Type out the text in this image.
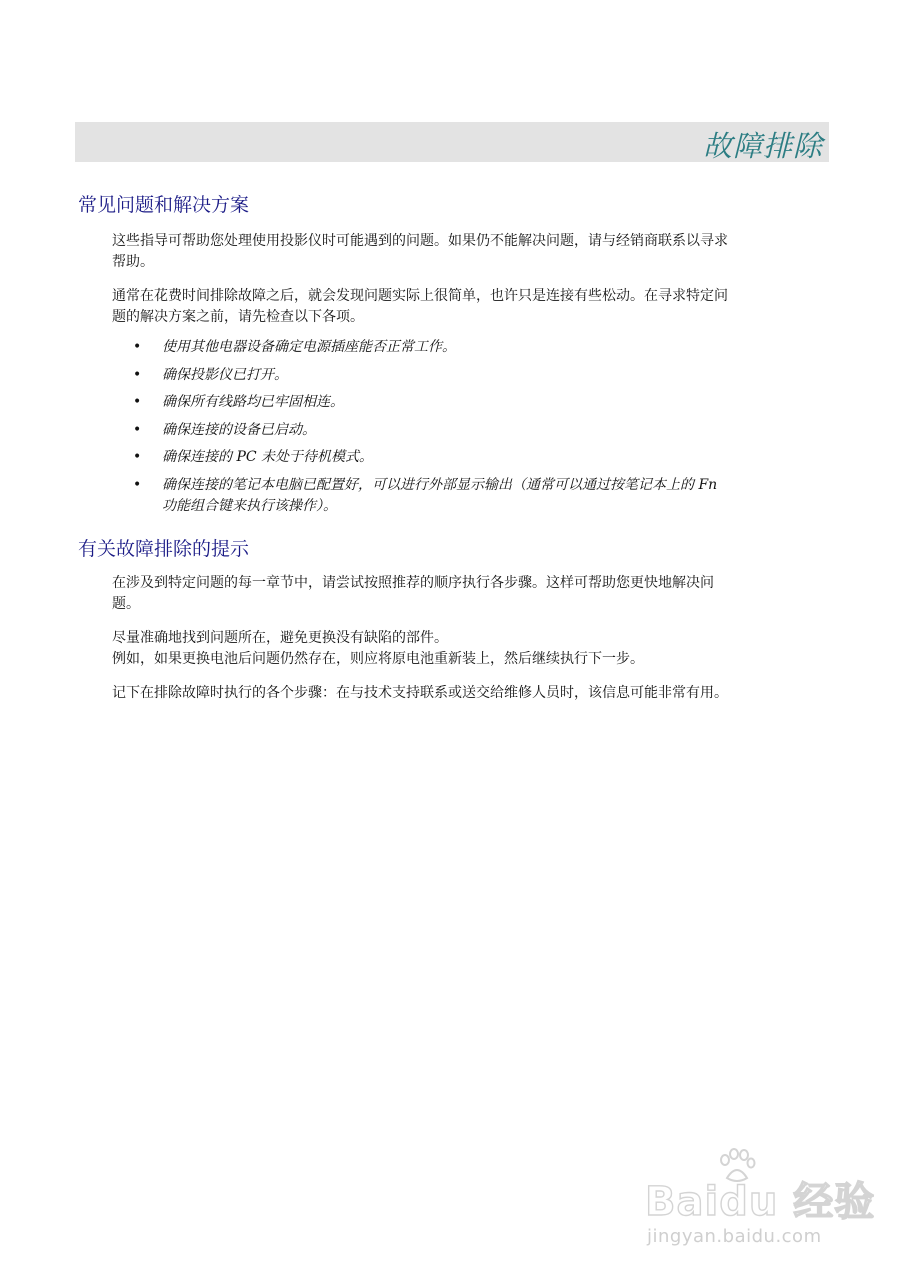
故障排除
常见问题和解决方案

这些指导可帮助您处理使用投影仪时可能遇到的问题。如果仍不能解决问题，请与经销商联系以寻求
帮助。

通常在花费时间排除故障之后，就会发现问题实际上很简单，也许只是连接有些松动。在寻求特定问
题的解决方案之前，请先检查以下各项。

• 使用其他电器设备确定电源插座能否正常工作。
• 确保投影仪已打开。
• 确保所有线路均已牢固相连。
• 确保连接的设备已启动。
• 确保连接的 PC 未处于待机模式。
• 确保连接的笔记本电脑已配置好，可以进行外部显示输出（通常可以通过按笔记本上的 Fn
功能组合键来执行该操作）。
有关故障排除的提示

在涉及到特定问题的每一章节中，请尝试按照推荐的顺序执行各步骤。这样可帮助您更快地解决问
题。

尽量准确地找到问题所在，避免更换没有缺陷的部件。
例如，如果更换电池后问题仍然存在，则应将原电池重新装上，然后继续执行下一步。

记下在排除故障时执行的各个步骤：在与技术支持联系或送交给维修人员时，该信息可能非常有用。

Baidu 经验
jingyan.baidu.com
